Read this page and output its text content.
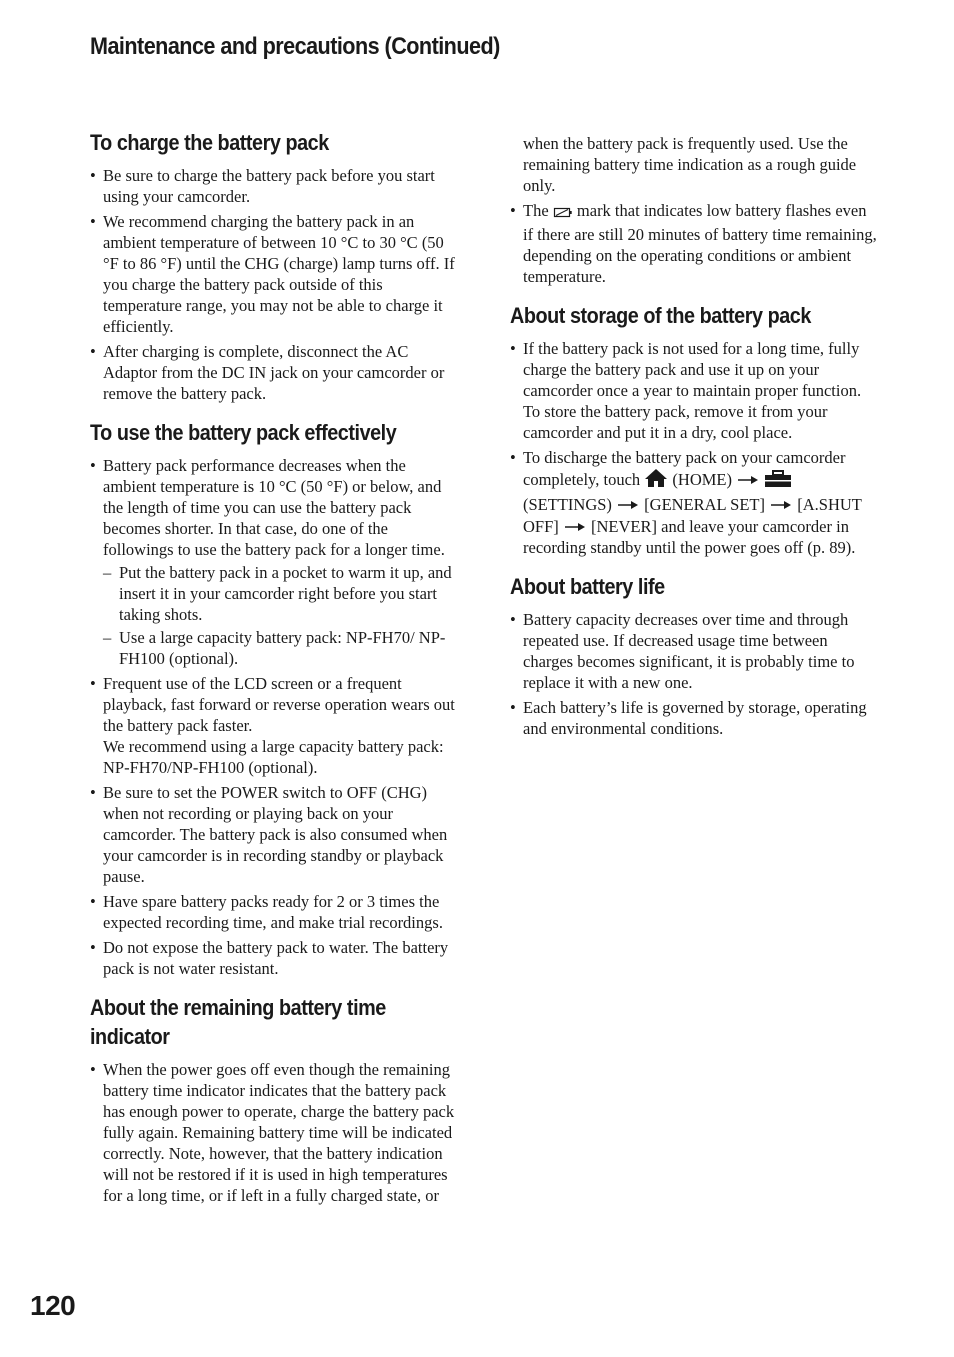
Maintenance and precautions (Continued)
To charge the battery pack
• Be sure to charge the battery pack before you start using your camcorder.
• We recommend charging the battery pack in an ambient temperature of between 10 °C to 30 °C (50 °F to 86 °F) until the CHG (charge) lamp turns off. If you charge the battery pack outside of this temperature range, you may not be able to charge it efficiently.
• After charging is complete, disconnect the AC Adaptor from the DC IN jack on your camcorder or remove the battery pack.
To use the battery pack effectively
• Battery pack performance decreases when the ambient temperature is 10 °C (50 °F) or below, and the length of time you can use the battery pack becomes shorter. In that case, do one of the followings to use the battery pack for a longer time.
– Put the battery pack in a pocket to warm it up, and insert it in your camcorder right before you start taking shots.
– Use a large capacity battery pack: NP-FH70/ NP-FH100 (optional).
• Frequent use of the LCD screen or a frequent playback, fast forward or reverse operation wears out the battery pack faster.
We recommend using a large capacity battery pack: NP-FH70/NP-FH100 (optional).
• Be sure to set the POWER switch to OFF (CHG) when not recording or playing back on your camcorder. The battery pack is also consumed when your camcorder is in recording standby or playback pause.
• Have spare battery packs ready for 2 or 3 times the expected recording time, and make trial recordings.
• Do not expose the battery pack to water. The battery pack is not water resistant.
About the remaining battery time indicator
• When the power goes off even though the remaining battery time indicator indicates that the battery pack has enough power to operate, charge the battery pack fully again. Remaining battery time will be indicated correctly. Note, however, that the battery indication will not be restored if it is used in high temperatures for a long time, or if left in a fully charged state, or
when the battery pack is frequently used. Use the remaining battery time indication as a rough guide only.
• The mark that indicates low battery flashes even if there are still 20 minutes of battery time remaining, depending on the operating conditions or ambient temperature.
About storage of the battery pack
• If the battery pack is not used for a long time, fully charge the battery pack and use it up on your camcorder once a year to maintain proper function. To store the battery pack, remove it from your camcorder and put it in a dry, cool place.
• To discharge the battery pack on your camcorder completely, touch (HOME)   (SETTINGS) [GENERAL SET] [A.SHUT OFF] [NEVER] and leave your camcorder in recording standby until the power goes off (p. 89).
About battery life
• Battery capacity decreases over time and through repeated use. If decreased usage time between charges becomes significant, it is probably time to replace it with a new one.
• Each battery’s life is governed by storage, operating and environmental conditions.
120
